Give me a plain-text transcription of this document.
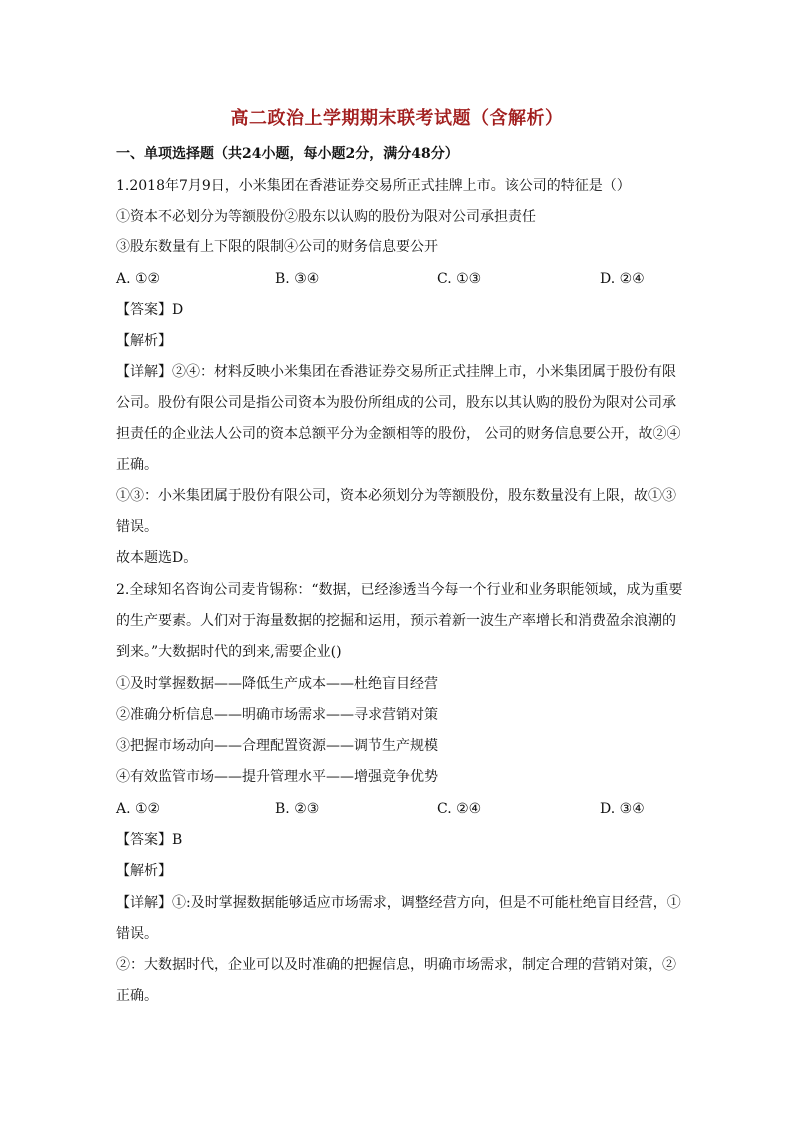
高二政治上学期期末联考试题（含解析）
一、单项选择题（共24小题，每小题2分，满分48分）
1.2018年7月9日，小米集团在香港证券交易所正式挂牌上市。该公司的特征是（）
①资本不必划分为等额股份②股东以认购的股份为限对公司承担责任
③股东数量有上下限的限制④公司的财务信息要公开
A. ①②	B. ③④	C. ①③	D. ②④
【答案】D
【解析】
【详解】②④：材料反映小米集团在香港证券交易所正式挂牌上市，小米集团属于股份有限
公司。股份有限公司是指公司资本为股份所组成的公司，股东以其认购的股份为限对公司承
担责任的企业法人公司的资本总额平分为金额相等的股份， 公司的财务信息要公开，故②④
正确。
①③：小米集团属于股份有限公司，资本必须划分为等额股份，股东数量没有上限，故①③
错误。
故本题选D。
2.全球知名咨询公司麦肯锡称：“数据，已经渗透当今每一个行业和业务职能领域，成为重要
的生产要素。人们对于海量数据的挖掘和运用，预示着新一波生产率增长和消费盈余浪潮的
到来。”大数据时代的到来,需要企业()
①及时掌握数据——降低生产成本——杜绝盲目经营
②准确分析信息——明确市场需求——寻求营销对策
③把握市场动向——合理配置资源——调节生产规模
④有效监管市场——提升管理水平——增强竞争优势
A. ①②	B. ②③	C. ②④	D. ③④
【答案】B
【解析】
【详解】①:及时掌握数据能够适应市场需求，调整经营方向，但是不可能杜绝盲目经营，①
错误。
②：大数据时代，企业可以及时准确的把握信息，明确市场需求，制定合理的营销对策，②
正确。
